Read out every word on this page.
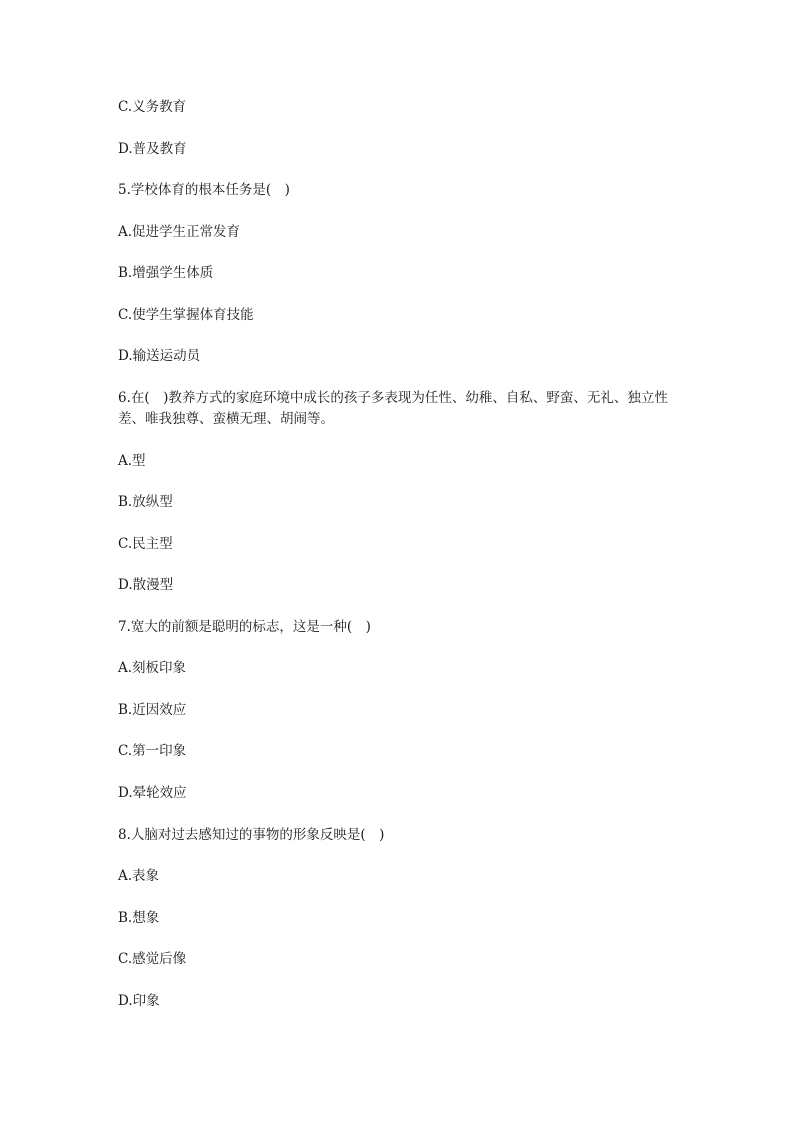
C.义务教育
D.普及教育
5.学校体育的根本任务是(　)
A.促进学生正常发育
B.增强学生体质
C.使学生掌握体育技能
D.输送运动员
6.在(　)教养方式的家庭环境中成长的孩子多表现为任性、幼稚、自私、野蛮、无礼、独立性差、唯我独尊、蛮横无理、胡闹等。
A.型
B.放纵型
C.民主型
D.散漫型
7.宽大的前额是聪明的标志，这是一种(　)
A.刻板印象
B.近因效应
C.第一印象
D.晕轮效应
8.人脑对过去感知过的事物的形象反映是(　)
A.表象
B.想象
C.感觉后像
D.印象
